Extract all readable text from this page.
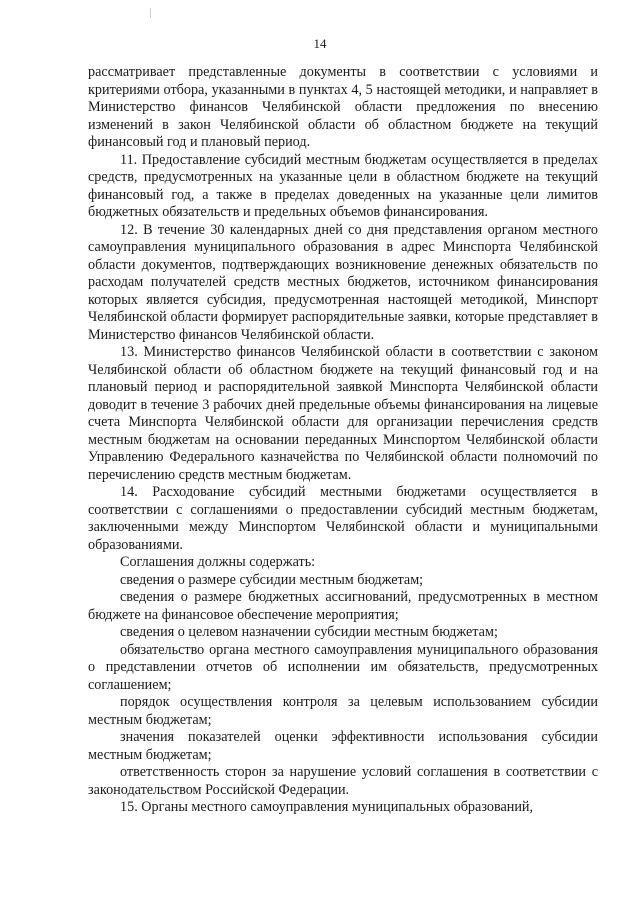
14

рассматривает представленные документы в соответствии с условиями и критериями отбора, указанными в пунктах 4, 5 настоящей методики, и направляет в Министерство финансов Челябинской области предложения по внесению изменений в закон Челябинской области об областном бюджете на текущий финансовый год и плановый период.

11. Предоставление субсидий местным бюджетам осуществляется в пределах средств, предусмотренных на указанные цели в областном бюджете на текущий финансовый год, а также в пределах доведенных на указанные цели лимитов бюджетных обязательств и предельных объемов финансирования.

12. В течение 30 календарных дней со дня представления органом местного самоуправления муниципального образования в адрес Минспорта Челябинской области документов, подтверждающих возникновение денежных обязательств по расходам получателей средств местных бюджетов, источником финансирования которых является субсидия, предусмотренная настоящей методикой, Минспорт Челябинской области формирует распорядительные заявки, которые представляет в Министерство финансов Челябинской области.

13. Министерство финансов Челябинской области в соответствии с законом Челябинской области об областном бюджете на текущий финансовый год и на плановый период и распорядительной заявкой Минспорта Челябинской области доводит в течение 3 рабочих дней предельные объемы финансирования на лицевые счета Минспорта Челябинской области для организации перечисления средств местным бюджетам на основании переданных Минспортом Челябинской области Управлению Федерального казначейства по Челябинской области полномочий по перечислению средств местным бюджетам.

14. Расходование субсидий местными бюджетами осуществляется в соответствии с соглашениями о предоставлении субсидий местным бюджетам, заключенными между Минспортом Челябинской области и муниципальными образованиями.

Соглашения должны содержать:

сведения о размере субсидии местным бюджетам;

сведения о размере бюджетных ассигнований, предусмотренных в местном бюджете на финансовое обеспечение мероприятия;

сведения о целевом назначении субсидии местным бюджетам;

обязательство органа местного самоуправления муниципального образования о представлении отчетов об исполнении им обязательств, предусмотренных соглашением;

порядок осуществления контроля за целевым использованием субсидии местным бюджетам;

значения показателей оценки эффективности использования субсидии местным бюджетам;

ответственность сторон за нарушение условий соглашения в соответствии с законодательством Российской Федерации.

15. Органы местного самоуправления муниципальных образований,
